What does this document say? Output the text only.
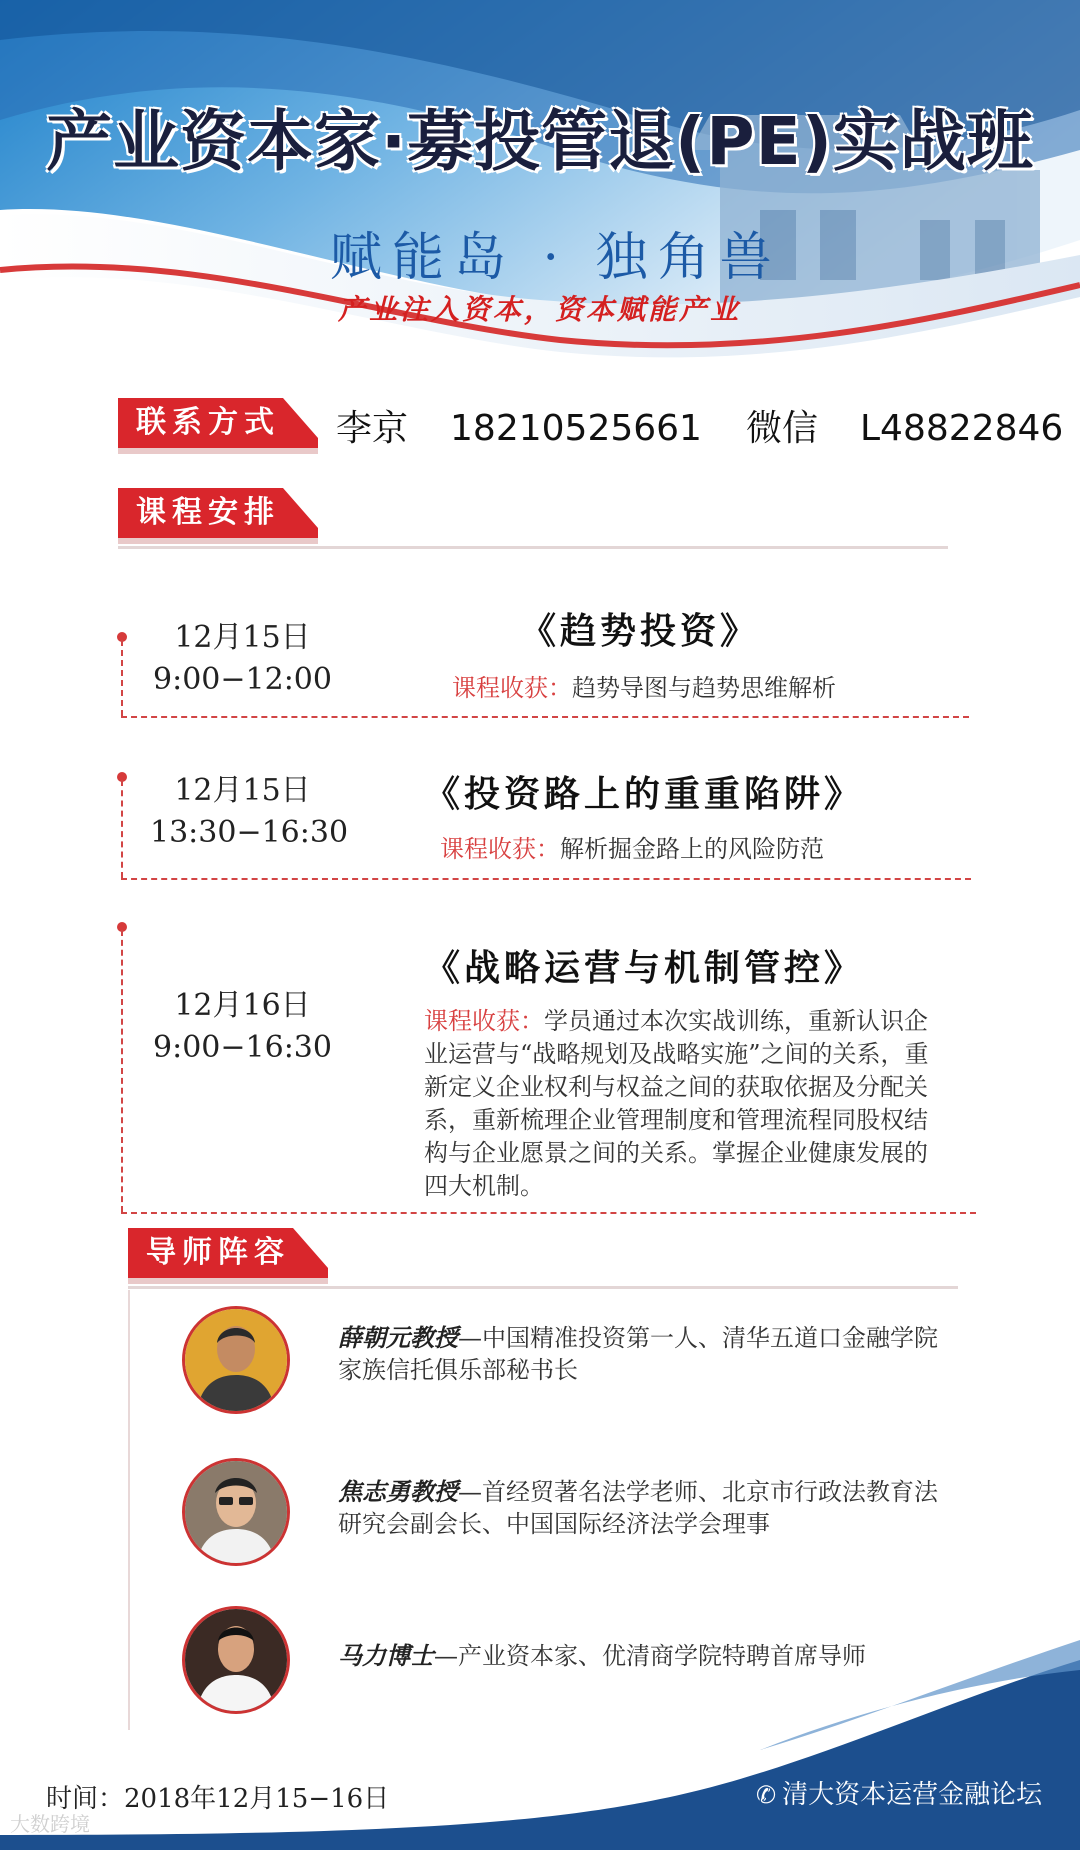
产业资本家·募投管退(PE)实战班
赋能岛 · 独角兽
产业注入资本，资本赋能产业
联系方式	李京 18210525661 微信 L48822846
课程安排
12月15日
9:00−12:00
《趋势投资》
课程收获：趋势导图与趋势思维解析
12月15日
13:30−16:30
《投资路上的重重陷阱》
课程收获：解析掘金路上的风险防范
12月16日
9:00−16:30
《战略运营与机制管控》
课程收获：学员通过本次实战训练，重新认识企业运营与“战略规划及战略实施”之间的关系，重新定义企业权利与权益之间的获取依据及分配关系，重新梳理企业管理制度和管理流程同股权结构与企业愿景之间的关系。掌握企业健康发展的四大机制。
导师阵容
薛朝元教授—中国精准投资第一人、清华五道口金融学院家族信托俱乐部秘书长
焦志勇教授—首经贸著名法学老师、北京市行政法教育法研究会副会长、中国国际经济法学会理事
马力博士—产业资本家、优清商学院特聘首席导师
时间：2018年12月15−16日	✆ 清大资本运营金融论坛
大数跨境
